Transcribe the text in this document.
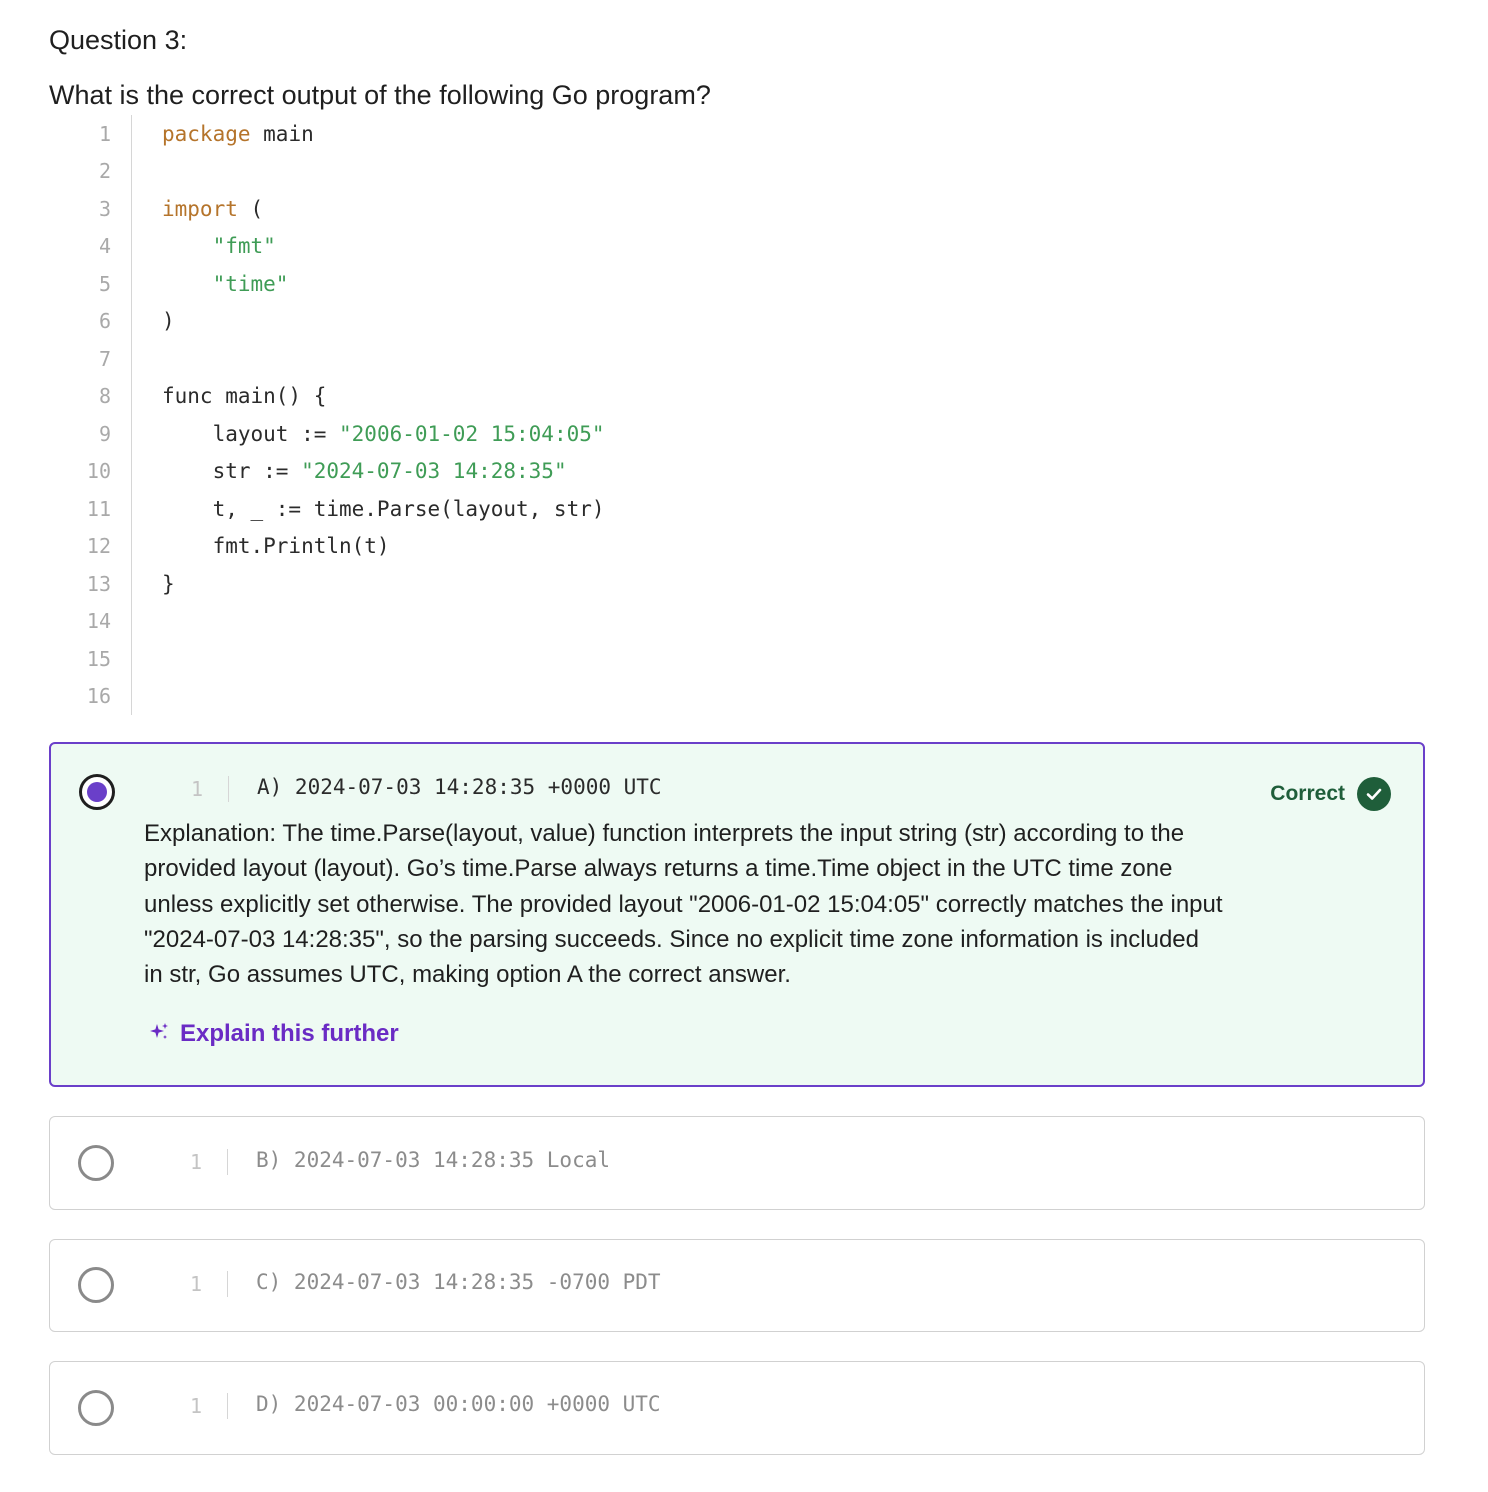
Question 3:
What is the correct output of the following Go program?
1	package main
2
3	import (
4	"fmt"
5	"time"
6	)
7
8	func main() {
9	layout := "2006-01-02 15:04:05"
10	str := "2024-07-03 14:28:35"
11	t, _ := time.Parse(layout, str)
12	fmt.Println(t)
13	}
14
15
16
1	A) 2024-07-03 14:28:35 +0000 UTC	Correct
Explanation: The time.Parse(layout, value) function interprets the input string (str) according to the provided layout (layout). Go’s time.Parse always returns a time.Time object in the UTC time zone unless explicitly set otherwise. The provided layout "2006-01-02 15:04:05" correctly matches the input "2024-07-03 14:28:35", so the parsing succeeds. Since no explicit time zone information is included in str, Go assumes UTC, making option A the correct answer.
Explain this further
1	B) 2024-07-03 14:28:35 Local
1	C) 2024-07-03 14:28:35 -0700 PDT
1	D) 2024-07-03 00:00:00 +0000 UTC
